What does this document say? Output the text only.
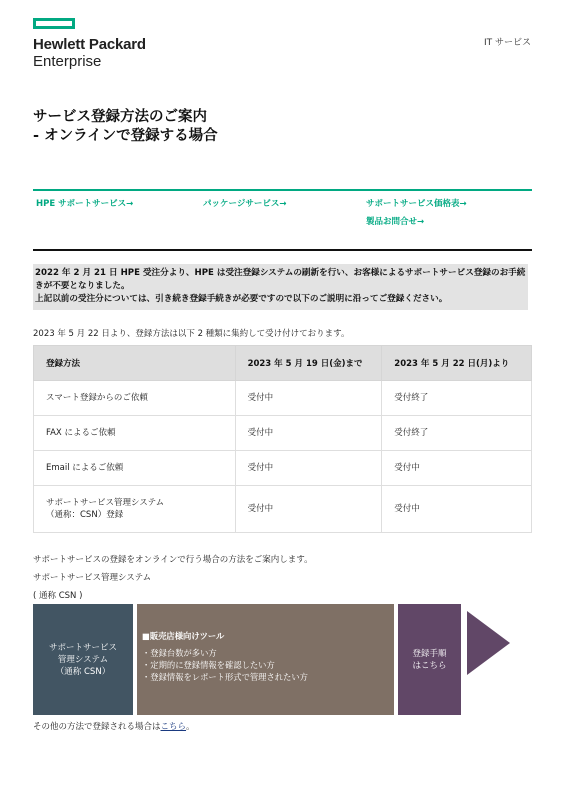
Hewlett Packard
Enterprise
IT サービス
サービス登録方法のご案内
- オンラインで登録する場合
HPE サポートサービス→	パッケージサービス→	サポートサービス価格表→
製品お問合せ→
2022 年 2 月 21 日 HPE 受注分より、HPE は受注登録システムの刷新を行い、お客様によるサポートサービス登録のお手続きが不要となりました。
上記以前の受注分については、引き続き登録手続きが必要ですので以下のご説明に沿ってご登録ください。
2023 年 5 月 22 日より、登録方法は以下 2 種類に集約して受け付けております。
登録方法	2023 年 5 月 19 日(金)まで	2023 年 5 月 22 日(月)より
スマート登録からのご依頼	受付中	受付終了
FAX によるご依頼	受付中	受付終了
Email によるご依頼	受付中	受付中

サポートサービス管理システム
（通称：CSN）登録	受付中	受付中
サポートサービスの登録をオンラインで行う場合の方法をご案内します。
サポートサービス管理システム
( 通称 CSN )
サポートサービス
管理システム
（通称 CSN）
■販売店様向けツール
・登録台数が多い方
・定期的に登録情報を確認したい方
・登録情報をレポート形式で管理されたい方
登録手順
はこちら
その他の方法で登録される場合はこちら。
